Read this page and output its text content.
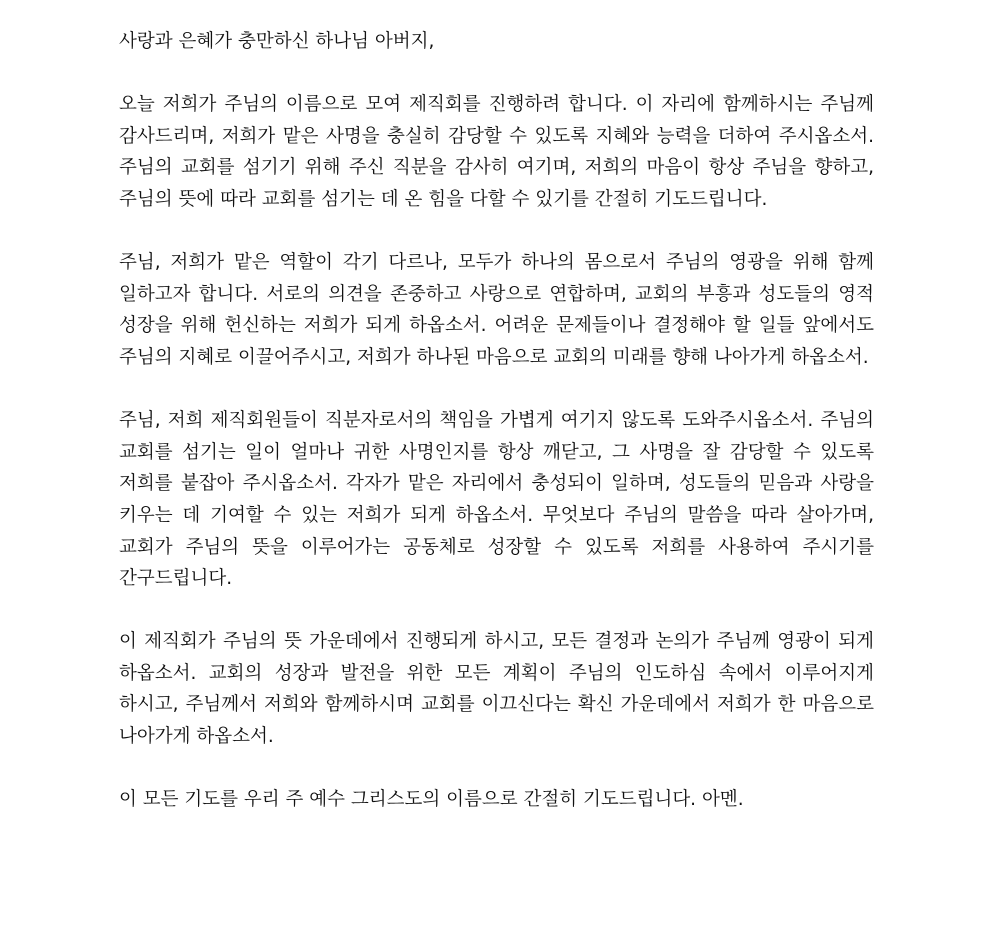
사랑과 은혜가 충만하신 하나님 아버지,

오늘 저희가 주님의 이름으로 모여 제직회를 진행하려 합니다. 이 자리에 함께하시는 주님께 감사드리며, 저희가 맡은 사명을 충실히 감당할 수 있도록 지혜와 능력을 더하여 주시옵소서. 주님의 교회를 섬기기 위해 주신 직분을 감사히 여기며, 저희의 마음이 항상 주님을 향하고, 주님의 뜻에 따라 교회를 섬기는 데 온 힘을 다할 수 있기를 간절히 기도드립니다.

주님, 저희가 맡은 역할이 각기 다르나, 모두가 하나의 몸으로서 주님의 영광을 위해 함께 일하고자 합니다. 서로의 의견을 존중하고 사랑으로 연합하며, 교회의 부흥과 성도들의 영적 성장을 위해 헌신하는 저희가 되게 하옵소서. 어려운 문제들이나 결정해야 할 일들 앞에서도 주님의 지혜로 이끌어주시고, 저희가 하나된 마음으로 교회의 미래를 향해 나아가게 하옵소서.

주님, 저희 제직회원들이 직분자로서의 책임을 가볍게 여기지 않도록 도와주시옵소서. 주님의 교회를 섬기는 일이 얼마나 귀한 사명인지를 항상 깨닫고, 그 사명을 잘 감당할 수 있도록 저희를 붙잡아 주시옵소서. 각자가 맡은 자리에서 충성되이 일하며, 성도들의 믿음과 사랑을 키우는 데 기여할 수 있는 저희가 되게 하옵소서. 무엇보다 주님의 말씀을 따라 살아가며, 교회가 주님의 뜻을 이루어가는 공동체로 성장할 수 있도록 저희를 사용하여 주시기를 간구드립니다.

이 제직회가 주님의 뜻 가운데에서 진행되게 하시고, 모든 결정과 논의가 주님께 영광이 되게 하옵소서. 교회의 성장과 발전을 위한 모든 계획이 주님의 인도하심 속에서 이루어지게 하시고, 주님께서 저희와 함께하시며 교회를 이끄신다는 확신 가운데에서 저희가 한 마음으로 나아가게 하옵소서.

이 모든 기도를 우리 주 예수 그리스도의 이름으로 간절히 기도드립니다. 아멘.
